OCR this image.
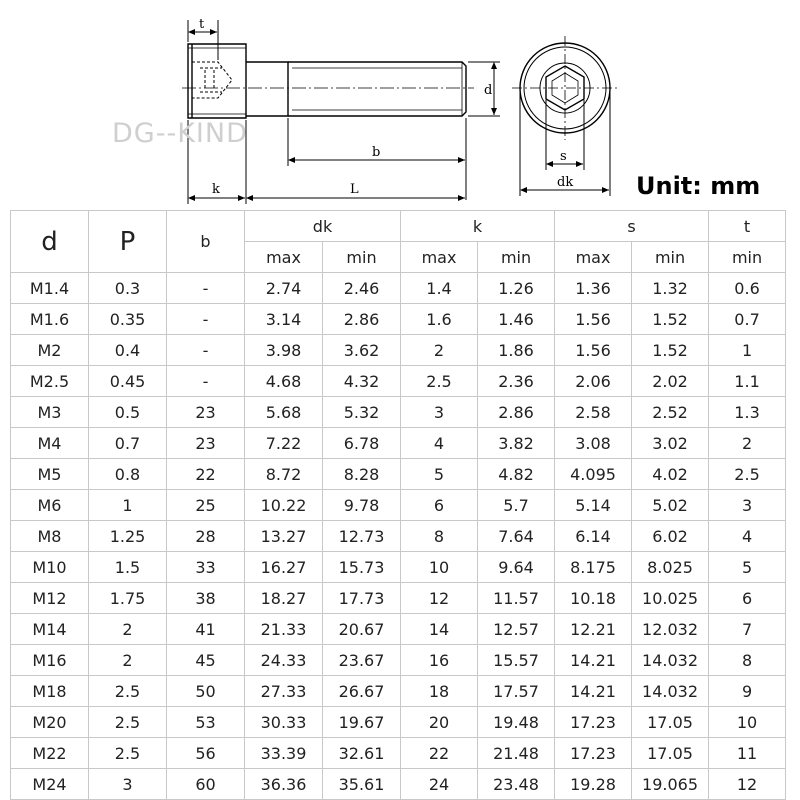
t
d
b
k	L
s
dk
DG--KIND
Unit: mm
d	P	b	dk		k		s		t
			max	min	max	min	max	min	min
M1.4	0.3	-	2.74	2.46	1.4	1.26	1.36	1.32	0.6
M1.6	0.35	-	3.14	2.86	1.6	1.46	1.56	1.52	0.7
M2	0.4	-	3.98	3.62	2	1.86	1.56	1.52	1
M2.5	0.45	-	4.68	4.32	2.5	2.36	2.06	2.02	1.1
M3	0.5	23	5.68	5.32	3	2.86	2.58	2.52	1.3
M4	0.7	23	7.22	6.78	4	3.82	3.08	3.02	2
M5	0.8	22	8.72	8.28	5	4.82	4.095	4.02	2.5
M6	1	25	10.22	9.78	6	5.7	5.14	5.02	3
M8	1.25	28	13.27	12.73	8	7.64	6.14	6.02	4
M10	1.5	33	16.27	15.73	10	9.64	8.175	8.025	5
M12	1.75	38	18.27	17.73	12	11.57	10.18	10.025	6
M14	2	41	21.33	20.67	14	12.57	12.21	12.032	7
M16	2	45	24.33	23.67	16	15.57	14.21	14.032	8
M18	2.5	50	27.33	26.67	18	17.57	14.21	14.032	9
M20	2.5	53	30.33	19.67	20	19.48	17.23	17.05	10
M22	2.5	56	33.39	32.61	22	21.48	17.23	17.05	11
M24	3	60	36.36	35.61	24	23.48	19.28	19.065	12
